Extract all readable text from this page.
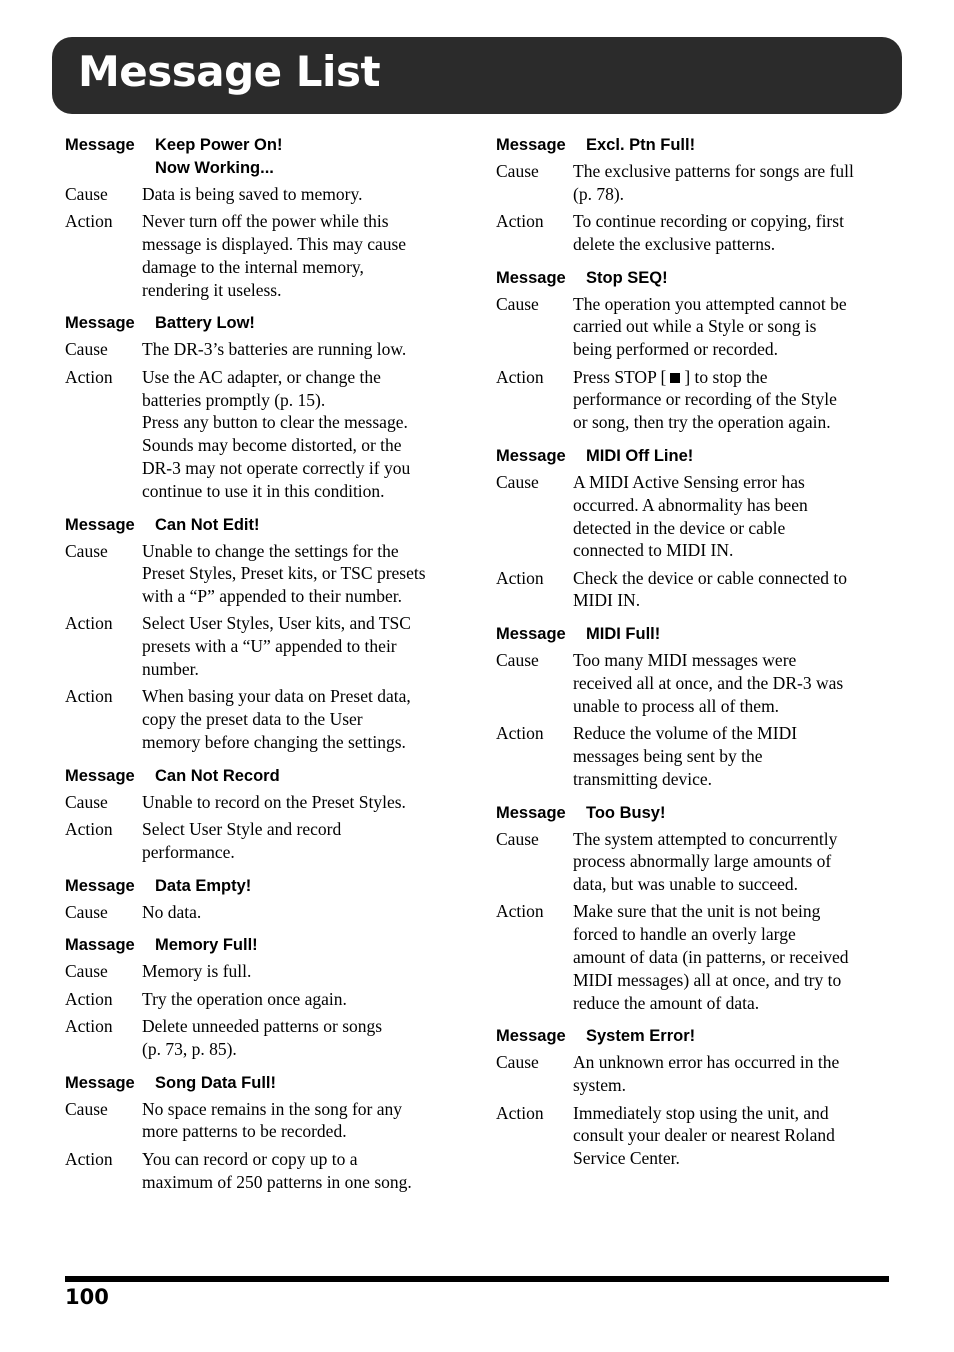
Message List
Message	Keep Power On!
Now Working...
Cause	Data is being saved to memory.
Action	Never turn off the power while this
message is displayed. This may cause
damage to the internal memory,
rendering it useless.
Message	Battery Low!
Cause	The DR-3’s batteries are running low.
Action	Use the AC adapter, or change the
batteries promptly (p. 15).
Press any button to clear the message.
Sounds may become distorted, or the
DR-3 may not operate correctly if you
continue to use it in this condition.
Message	Can Not Edit!
Cause	Unable to change the settings for the
Preset Styles, Preset kits, or TSC presets
with a “P” appended to their number.
Action	Select User Styles, User kits, and TSC
presets with a “U” appended to their
number.
Action	When basing your data on Preset data,
copy the preset data to the User
memory before changing the settings.
Message	Can Not Record
Cause	Unable to record on the Preset Styles.
Action	Select User Style and record
performance.
Message	Data Empty!
Cause	No data.
Massage	Memory Full!
Cause	Memory is full.
Action	Try the operation once again.
Action	Delete unneeded patterns or songs
(p. 73, p. 85).
Message	Song Data Full!
Cause	No space remains in the song for any
more patterns to be recorded.
Action	You can record or copy up to a
maximum of 250 patterns in one song.
Message	Excl. Ptn Full!
Cause	The exclusive patterns for songs are full
(p. 78).
Action	To continue recording or copying, first
delete the exclusive patterns.
Message	Stop SEQ!
Cause	The operation you attempted cannot be
carried out while a Style or song is
being performed or recorded.
Action	Press STOP [ ] to stop the
performance or recording of the Style
or song, then try the operation again.
Message	MIDI Off Line!
Cause	A MIDI Active Sensing error has
occurred. A abnormality has been
detected in the device or cable
connected to MIDI IN.
Action	Check the device or cable connected to
MIDI IN.
Message	MIDI Full!
Cause	Too many MIDI messages were
received all at once, and the DR-3 was
unable to process all of them.
Action	Reduce the volume of the MIDI
messages being sent by the
transmitting device.
Message	Too Busy!
Cause	The system attempted to concurrently
process abnormally large amounts of
data, but was unable to succeed.
Action	Make sure that the unit is not being
forced to handle an overly large
amount of data (in patterns, or received
MIDI messages) all at once, and try to
reduce the amount of data.
Message	System Error!
Cause	An unknown error has occurred in the
system.
Action	Immediately stop using the unit, and
consult your dealer or nearest Roland
Service Center.
100
